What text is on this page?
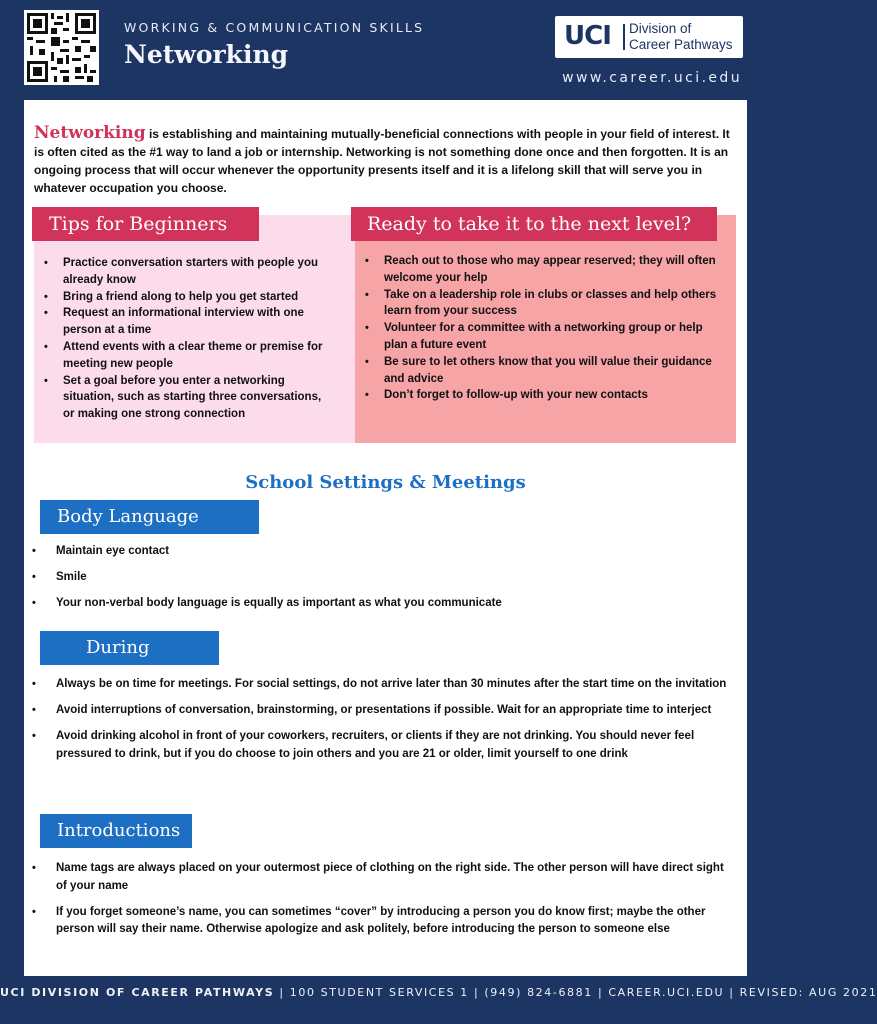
WORKING & COMMUNICATION SKILLS
Networking
UCI Division of
Career Pathways
www.career.uci.edu

Networking is establishing and maintaining mutually-beneficial connections with people in your field of interest. It is often cited as the #1 way to land a job or internship. Networking is not something done once and then forgotten. It is an ongoing process that will occur whenever the opportunity presents itself and it is a lifelong skill that will serve you in whatever occupation you choose.

Tips for Beginners	Ready to take it to the next level?
• Practice conversation starters with people you already know
• Bring a friend along to help you get started
• Request an informational interview with one person at a time
• Attend events with a clear theme or premise for meeting new people
• Set a goal before you enter a networking situation, such as starting three conversations, or making one strong connection
• Reach out to those who may appear reserved; they will often welcome your help
• Take on a leadership role in clubs or classes and help others learn from your success
• Volunteer for a committee with a networking group or help plan a future event
• Be sure to let others know that you will value their guidance and advice
• Don’t forget to follow-up with your new contacts
School Settings & Meetings
Body Language
• Maintain eye contact
• Smile
• Your non-verbal body language is equally as important as what you communicate
During
• Always be on time for meetings. For social settings, do not arrive later than 30 minutes after the start time on the invitation
• Avoid interruptions of conversation, brainstorming, or presentations if possible. Wait for an appropriate time to interject
• Avoid drinking alcohol in front of your coworkers, recruiters, or clients if they are not drinking. You should never feel pressured to drink, but if you do choose to join others and you are 21 or older, limit yourself to one drink
Introductions
• Name tags are always placed on your outermost piece of clothing on the right side. The other person will have direct sight of your name
• If you forget someone’s name, you can sometimes “cover” by introducing a person you do know first; maybe the other person will say their name. Otherwise apologize and ask politely, before introducing the person to someone else
UCI DIVISION OF CAREER PATHWAYS | 100 STUDENT SERVICES 1 | (949) 824-6881 | CAREER.UCI.EDU | REVISED: AUG 2021
